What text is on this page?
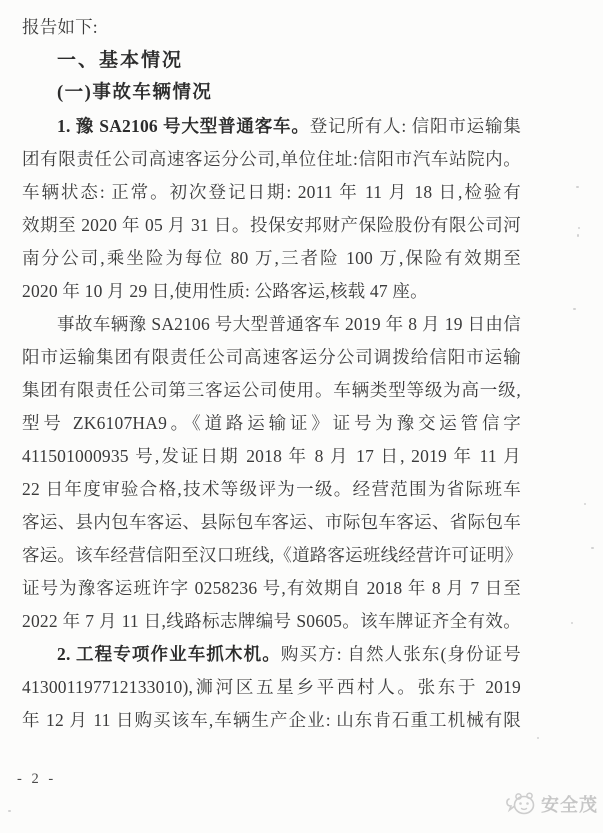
报告如下:
一、基本情况
(一)事故车辆情况
1. 豫 SA2106 号大型普通客车。登记所有人: 信阳市运输集
团有限责任公司高速客运分公司,单位住址:信阳市汽车站院内。
车辆状态: 正常。初次登记日期: 2011 年 11 月 18 日,检验有
效期至 2020 年 05 月 31 日。投保安邦财产保险股份有限公司河
南分公司,乘坐险为每位 80 万,三者险 100 万,保险有效期至
2020 年 10 月 29 日,使用性质: 公路客运,核载 47 座。
事故车辆豫 SA2106 号大型普通客车 2019 年 8 月 19 日由信
阳市运输集团有限责任公司高速客运分公司调拨给信阳市运输
集团有限责任公司第三客运公司使用。车辆类型等级为高一级,
型号 ZK6107HA9。《道路运输证》证号为豫交运管信字
411501000935 号,发证日期 2018 年 8 月 17 日, 2019 年 11 月
22 日年度审验合格,技术等级评为一级。经营范围为省际班车
客运、县内包车客运、县际包车客运、市际包车客运、省际包车
客运。该车经营信阳至汉口班线,《道路客运班线经营许可证明》
证号为豫客运班许字 0258236 号,有效期自 2018 年 8 月 7 日至
2022 年 7 月 11 日,线路标志牌编号 S0605。该车牌证齐全有效。
2. 工程专项作业车抓木机。购买方: 自然人张东(身份证号
413001197712133010),浉河区五星乡平西村人。张东于 2019
年 12 月 11 日购买该车,车辆生产企业: 山东肯石重工机械有限
- 2 -
安全茂
